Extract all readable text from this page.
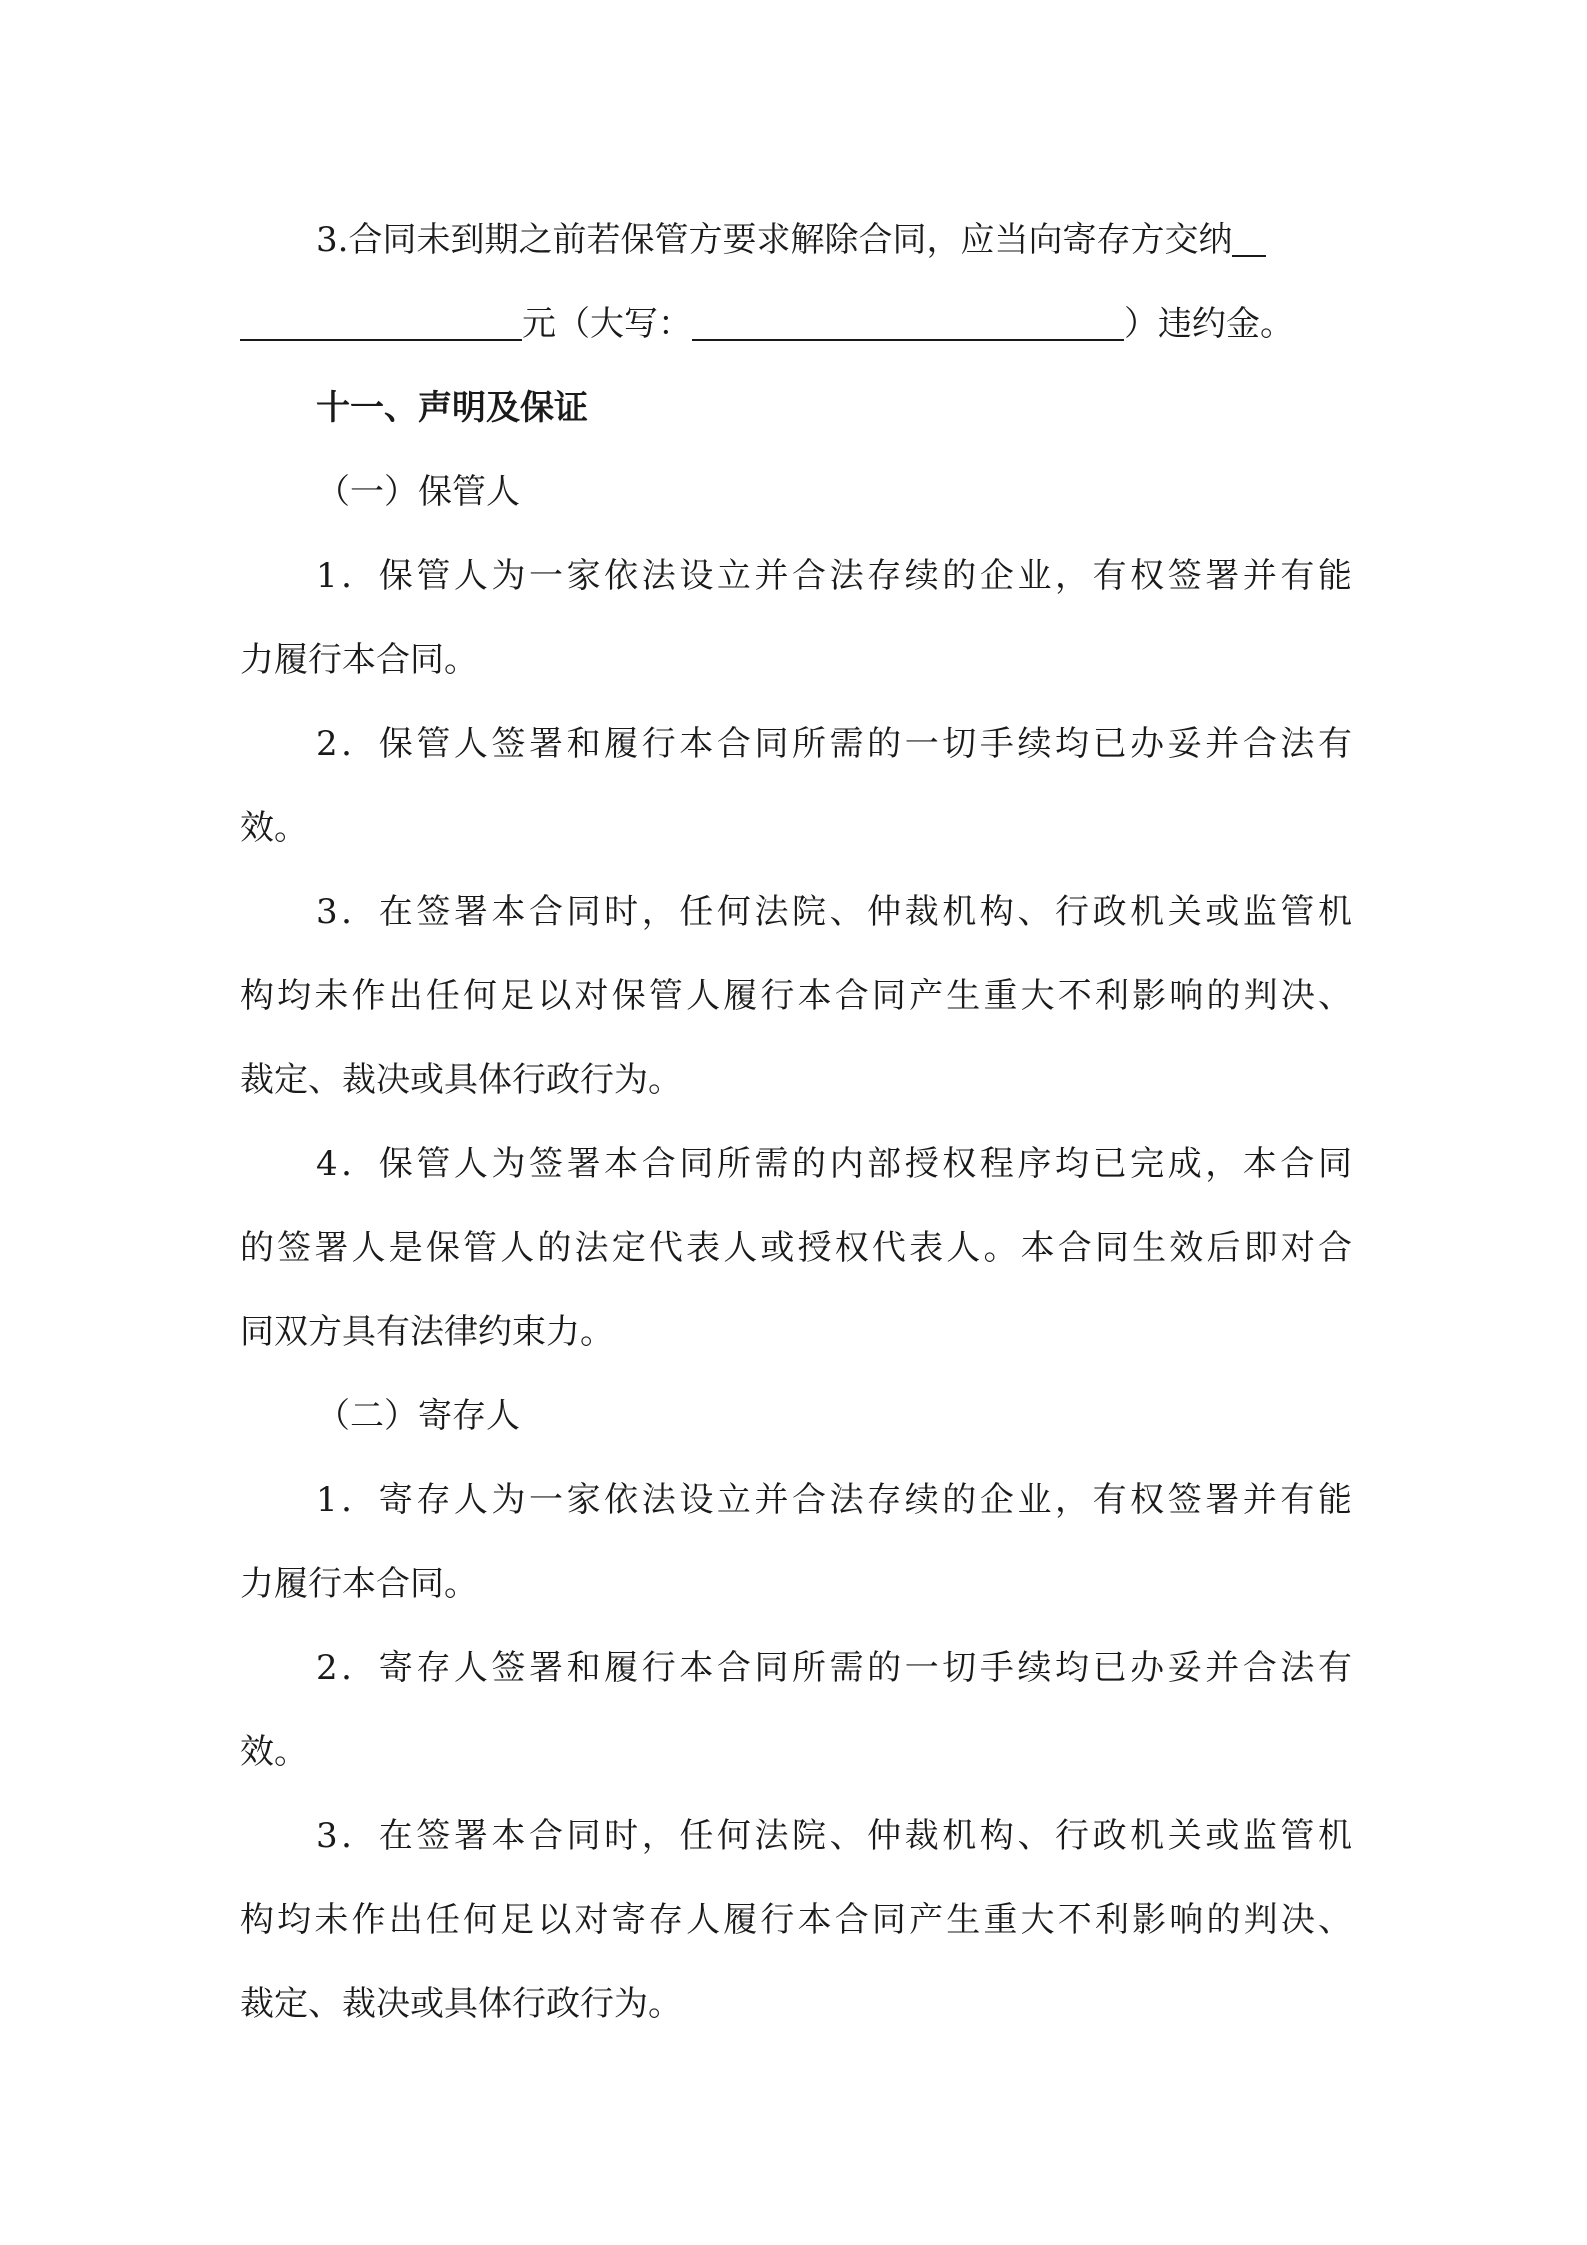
3.合同未到期之前若保管方要求解除合同，应当向寄存方交纳
元（大写：	）违约金。
十一、声明及保证
（一）保管人
1．保管人为一家依法设立并合法存续的企业，有权签署并有能
力履行本合同。
2．保管人签署和履行本合同所需的一切手续均已办妥并合法有
效。
3．在签署本合同时，任何法院、仲裁机构、行政机关或监管机
构均未作出任何足以对保管人履行本合同产生重大不利影响的判决、
裁定、裁决或具体行政行为。
4．保管人为签署本合同所需的内部授权程序均已完成，本合同
的签署人是保管人的法定代表人或授权代表人。本合同生效后即对合
同双方具有法律约束力。
（二）寄存人
1．寄存人为一家依法设立并合法存续的企业，有权签署并有能
力履行本合同。
2．寄存人签署和履行本合同所需的一切手续均已办妥并合法有
效。
3．在签署本合同时，任何法院、仲裁机构、行政机关或监管机
构均未作出任何足以对寄存人履行本合同产生重大不利影响的判决、
裁定、裁决或具体行政行为。
